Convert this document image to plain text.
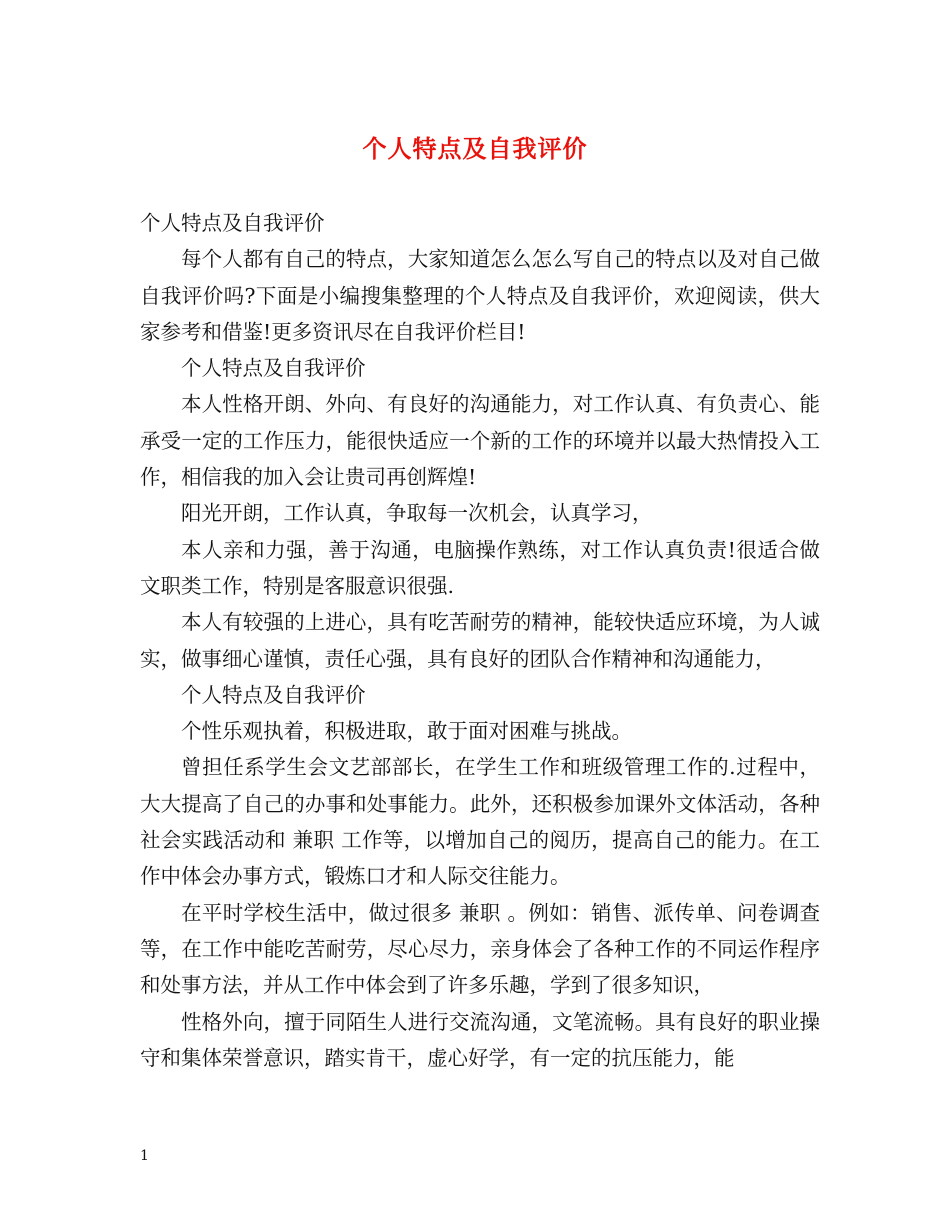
个人特点及自我评价

个人特点及自我评价

每个人都有自己的特点，大家知道怎么怎么写自己的特点以及对自己做自我评价吗?下面是小编搜集整理的个人特点及自我评价，欢迎阅读，供大家参考和借鉴!更多资讯尽在自我评价栏目!

个人特点及自我评价

本人性格开朗、外向、有良好的沟通能力，对工作认真、有负责心、能承受一定的工作压力，能很快适应一个新的工作的环境并以最大热情投入工作，相信我的加入会让贵司再创辉煌!

阳光开朗，工作认真，争取每一次机会，认真学习，

本人亲和力强，善于沟通，电脑操作熟练，对工作认真负责!很适合做文职类工作，特别是客服意识很强.

本人有较强的上进心，具有吃苦耐劳的精神，能较快适应环境，为人诚实，做事细心谨慎，责任心强，具有良好的团队合作精神和沟通能力，

个人特点及自我评价

个性乐观执着，积极进取，敢于面对困难与挑战。

曾担任系学生会文艺部部长，在学生工作和班级管理工作的.过程中，大大提高了自己的办事和处事能力。此外，还积极参加课外文体活动，各种社会实践活动和 兼职 工作等，以增加自己的阅历，提高自己的能力。在工作中体会办事方式，锻炼口才和人际交往能力。

在平时学校生活中，做过很多 兼职 。例如：销售、派传单、问卷调查等，在工作中能吃苦耐劳，尽心尽力，亲身体会了各种工作的不同运作程序和处事方法，并从工作中体会到了许多乐趣，学到了很多知识，

性格外向，擅于同陌生人进行交流沟通，文笔流畅。具有良好的职业操守和集体荣誉意识，踏实肯干，虚心好学，有一定的抗压能力，能

1
